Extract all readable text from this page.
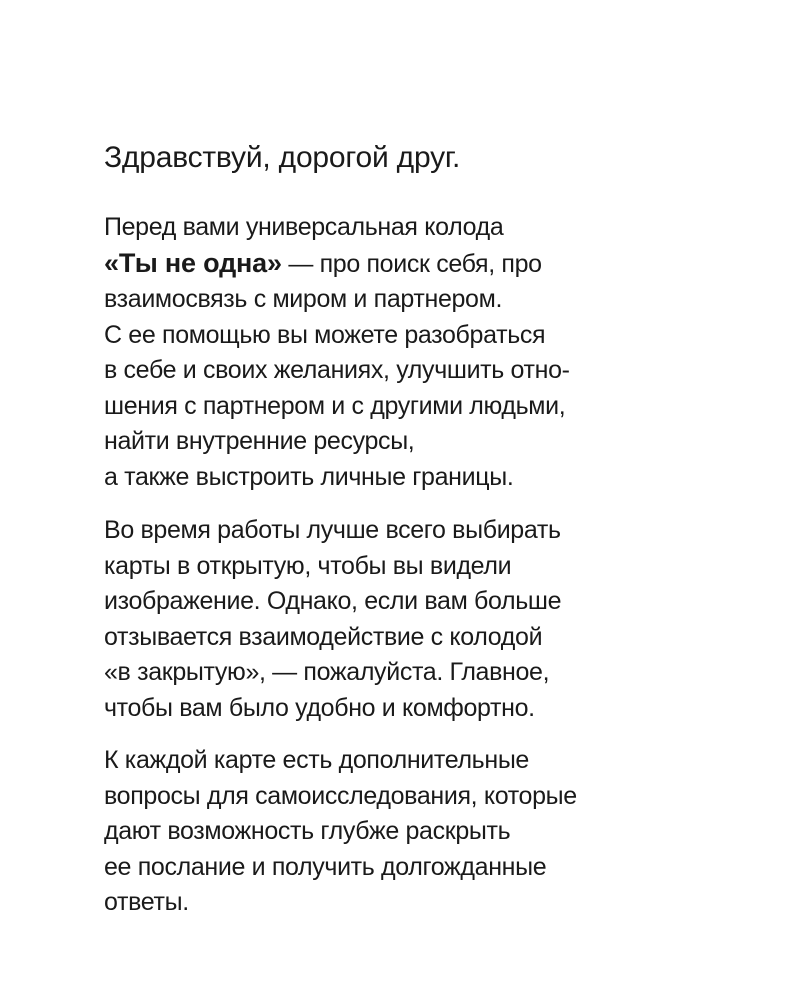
Здравствуй, дорогой друг.

Перед вами универсальная колода
«Ты не одна» — про поиск себя, про
взаимосвязь с миром и партнером.
С ее помощью вы можете разобраться
в себе и своих желаниях, улучшить отно-
шения с партнером и с другими людьми,
найти внутренние ресурсы,
а также выстроить личные границы.

Во время работы лучше всего выбирать
карты в открытую, чтобы вы видели
изображение. Однако, если вам больше
отзывается взаимодействие с колодой
«в закрытую», — пожалуйста. Главное,
чтобы вам было удобно и комфортно.

К каждой карте есть дополнительные
вопросы для самоисследования, которые
дают возможность глубже раскрыть
ее послание и получить долгожданные
ответы.
